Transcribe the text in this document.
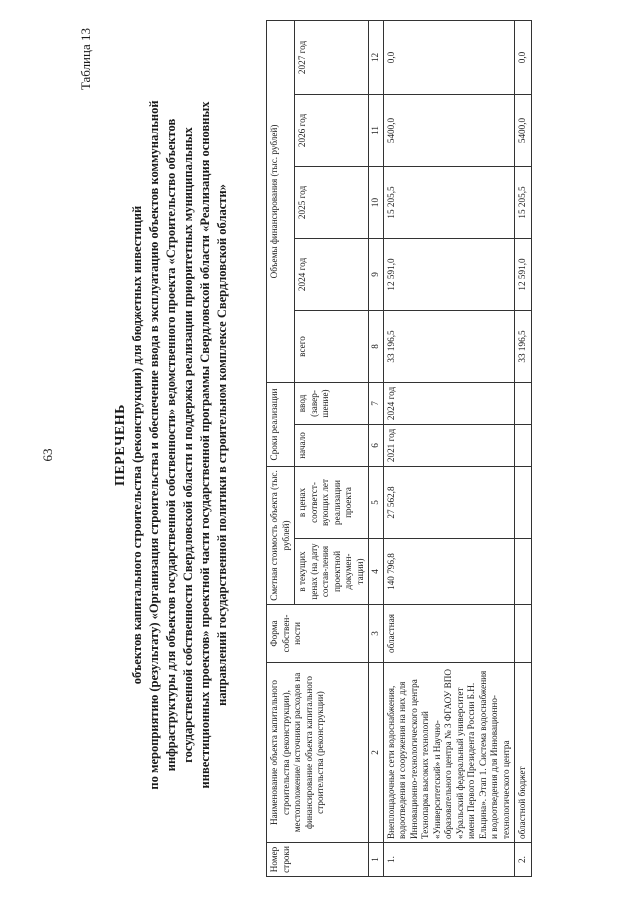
63
Таблица 13
ПЕРЕЧЕНЬ объектов капитального строительства (реконструкции) для бюджетных инвестиций по мероприятию (результату) «Организация строительства и обеспечение ввода в эксплуатацию объектов коммунальной инфраструктуры для объектов государственной собственности» ведомственного проекта «Строительство объектов государственной собственности Свердловской области и поддержка реализации приоритетных муниципальных инвестиционных проектов» проектной части государственной программы Свердловской области «Реализация основных направлений государственной политики в строительном комплексе Свердловской области»
Номер строки	Наименование объекта капитального строительства (реконструкции), местоположение/ источники расходов на финансирование объекта капитального строительства (реконструкции)	Форма собствен-ности	Сметная стоимость объекта (тыс. рублей)		Сроки реализации		Объемы финансирования (тыс. рублей)				
			в текущих ценах (на дату состав-ления проектной докумен-тации)	в ценах соответст-вующих лет реализации проекта	начало	ввод (завер-шение)	всего	2024 год	2025 год	2026 год	2027 год
1	2	3	4	5	6	7	8	9	10	11	12
1.	Внеплощадочные сети водоснабжения, водоотведения и сооружения на них для Инновационно-технологического центра Технопарка высоких технологий «Университетский» и Научно-образовательного центра № 3 ФГАОУ ВПО «Уральский федеральный университет имени Первого Президента России Б.Н. Ельцина». Этап 1. Система водоснабжения и водоотведения для Инновационно-технологического центра	областная	140 796,8	27 562,8	2021 год	2024 год	33 196,5	12 591,0	15 205,5	5400,0	0,0
2.	областной бюджет						33 196,5	12 591,0	15 205,5	5400,0	0,0
